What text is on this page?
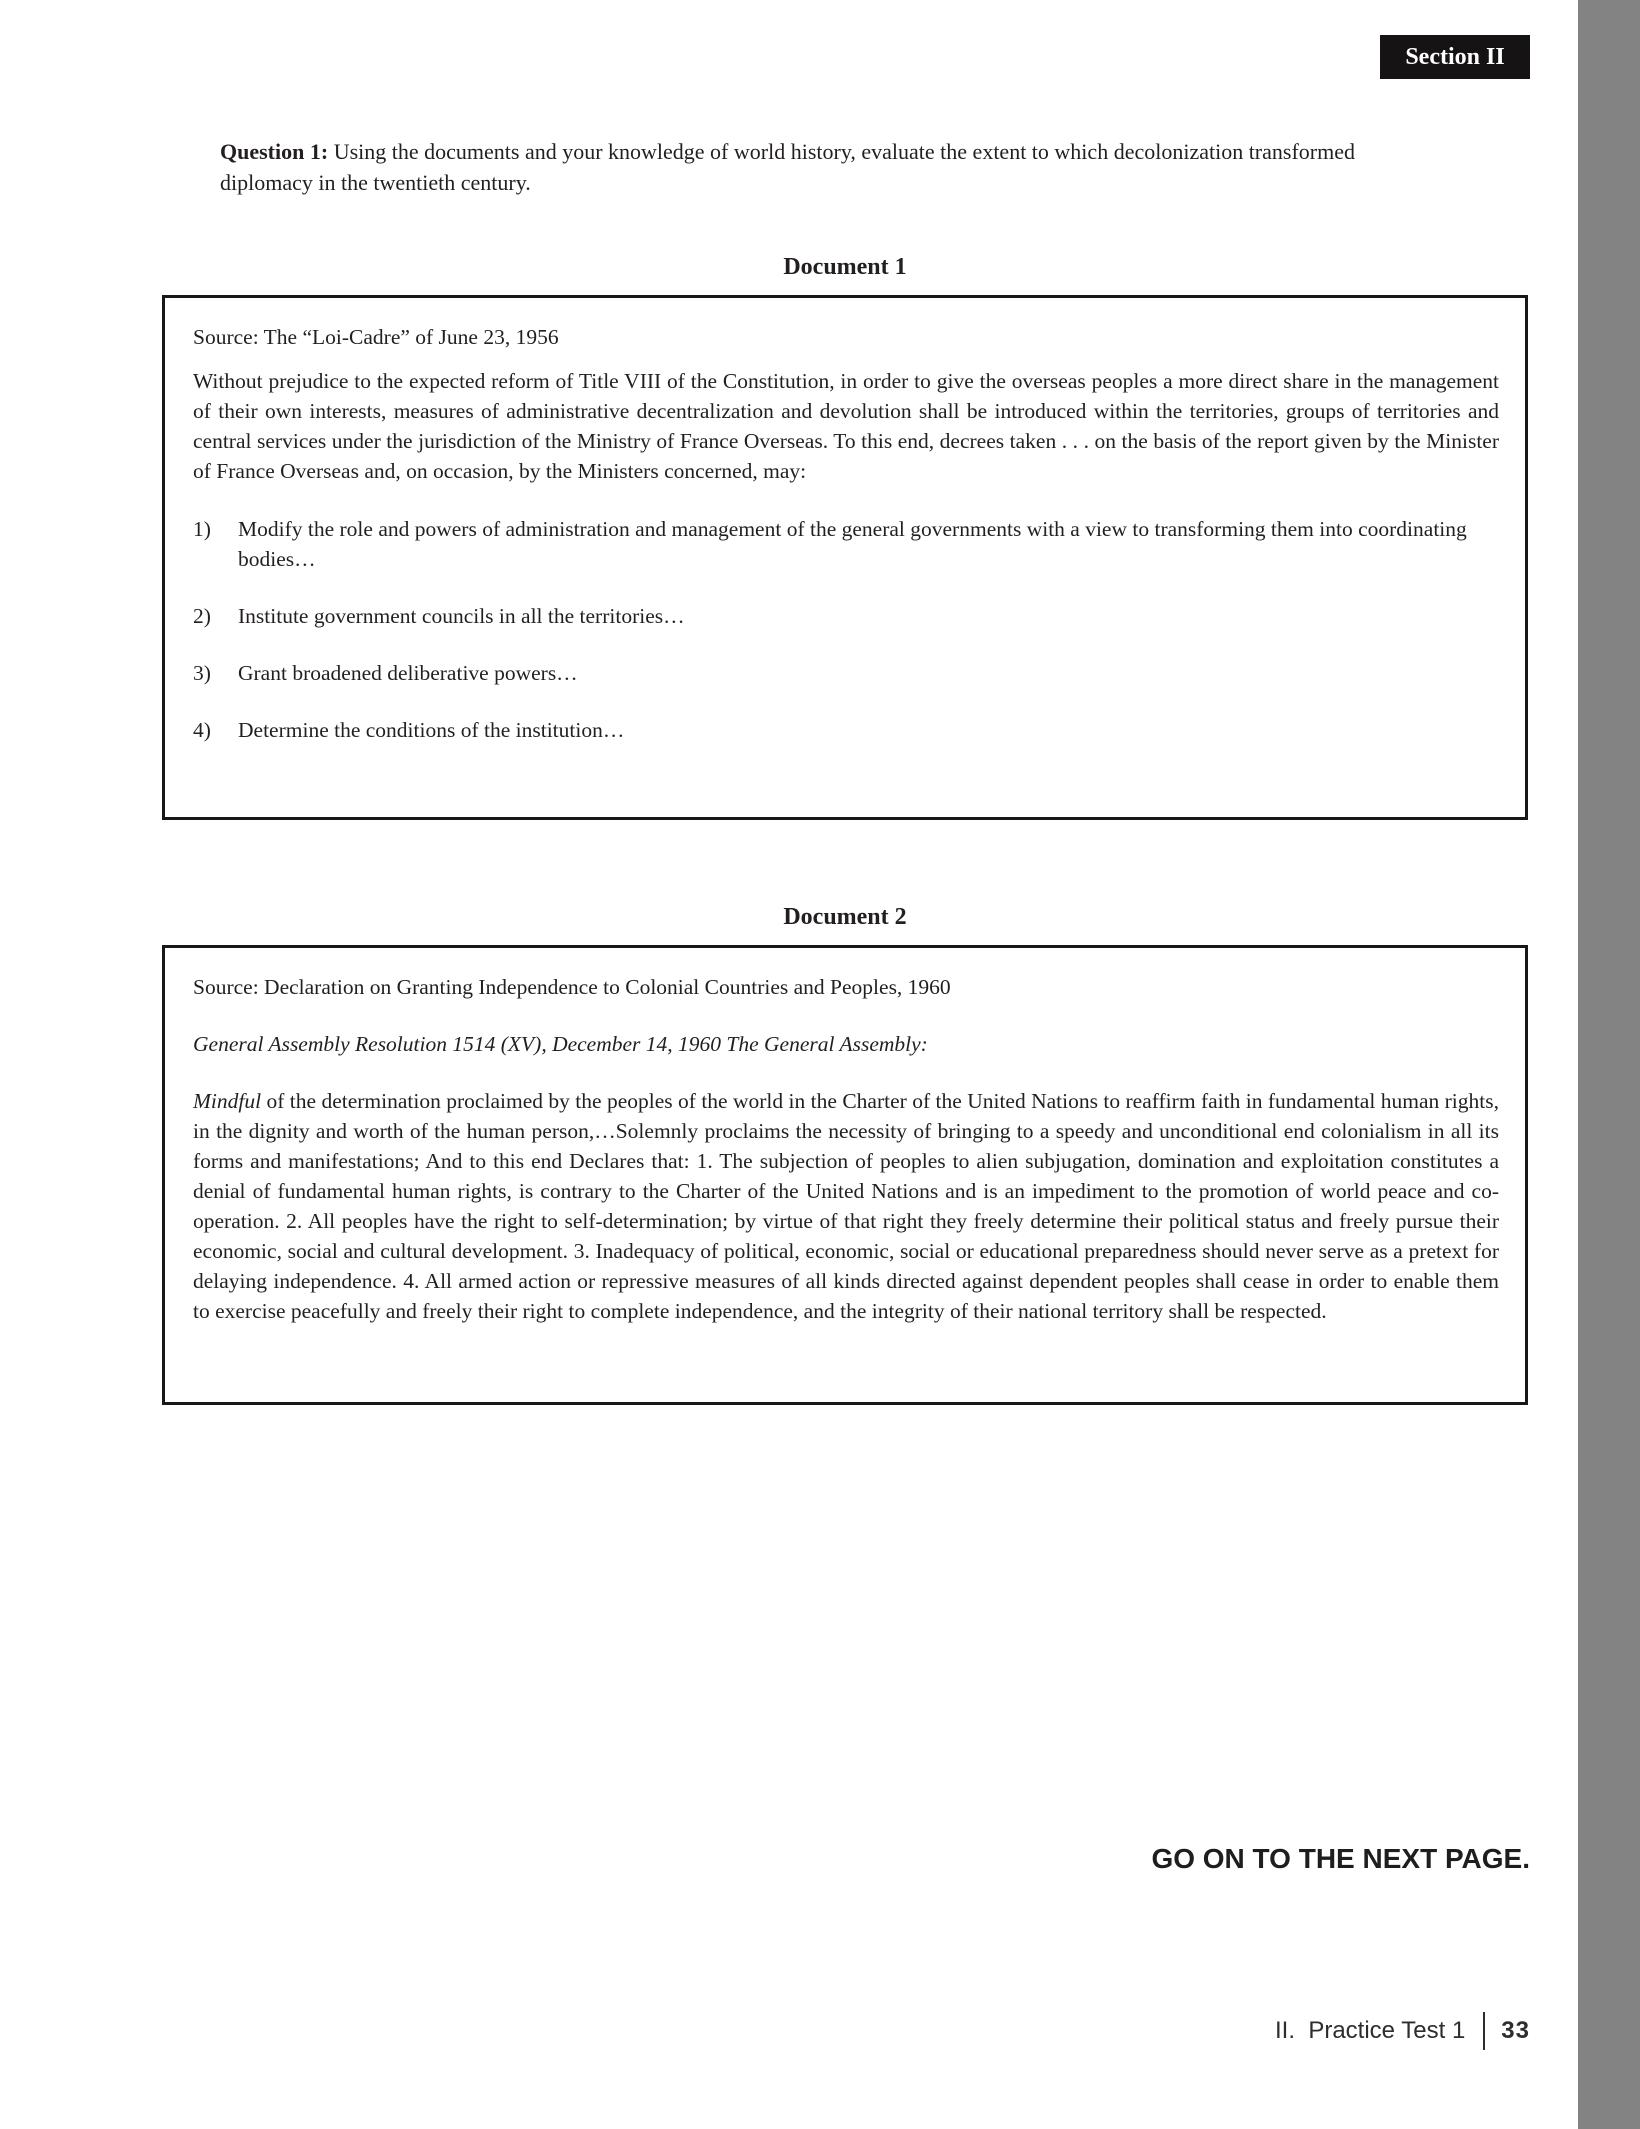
Section II
Question 1: Using the documents and your knowledge of world history, evaluate the extent to which decolonization transformed diplomacy in the twentieth century.
Document 1
Source: The “Loi-Cadre” of June 23, 1956
Without prejudice to the expected reform of Title VIII of the Constitution, in order to give the overseas peoples a more direct share in the management of their own interests, measures of administrative decentralization and devolution shall be introduced within the territories, groups of territories and central services under the jurisdiction of the Ministry of France Overseas. To this end, decrees taken . . . on the basis of the report given by the Minister of France Overseas and, on occasion, by the Ministers concerned, may:
1)	Modify the role and powers of administration and management of the general governments with a view to transforming them into coordinating bodies…
2)	Institute government councils in all the territories…
3)	Grant broadened deliberative powers…
4)	Determine the conditions of the institution…
Document 2
Source: Declaration on Granting Independence to Colonial Countries and Peoples, 1960
General Assembly Resolution 1514 (XV), December 14, 1960 The General Assembly:
Mindful of the determination proclaimed by the peoples of the world in the Charter of the United Nations to reaffirm faith in fundamental human rights, in the dignity and worth of the human person,…Solemnly proclaims the necessity of bringing to a speedy and unconditional end colonialism in all its forms and manifestations; And to this end Declares that: 1. The subjection of peoples to alien subjugation, domination and exploitation constitutes a denial of fundamental human rights, is contrary to the Charter of the United Nations and is an impediment to the promotion of world peace and co-operation. 2. All peoples have the right to self-determination; by virtue of that right they freely determine their political status and freely pursue their economic, social and cultural development. 3. Inadequacy of political, economic, social or educational preparedness should never serve as a pretext for delaying independence. 4. All armed action or repressive measures of all kinds directed against dependent peoples shall cease in order to enable them to exercise peacefully and freely their right to complete independence, and the integrity of their national territory shall be respected.
GO ON TO THE NEXT PAGE.
II.  Practice Test 1 33
